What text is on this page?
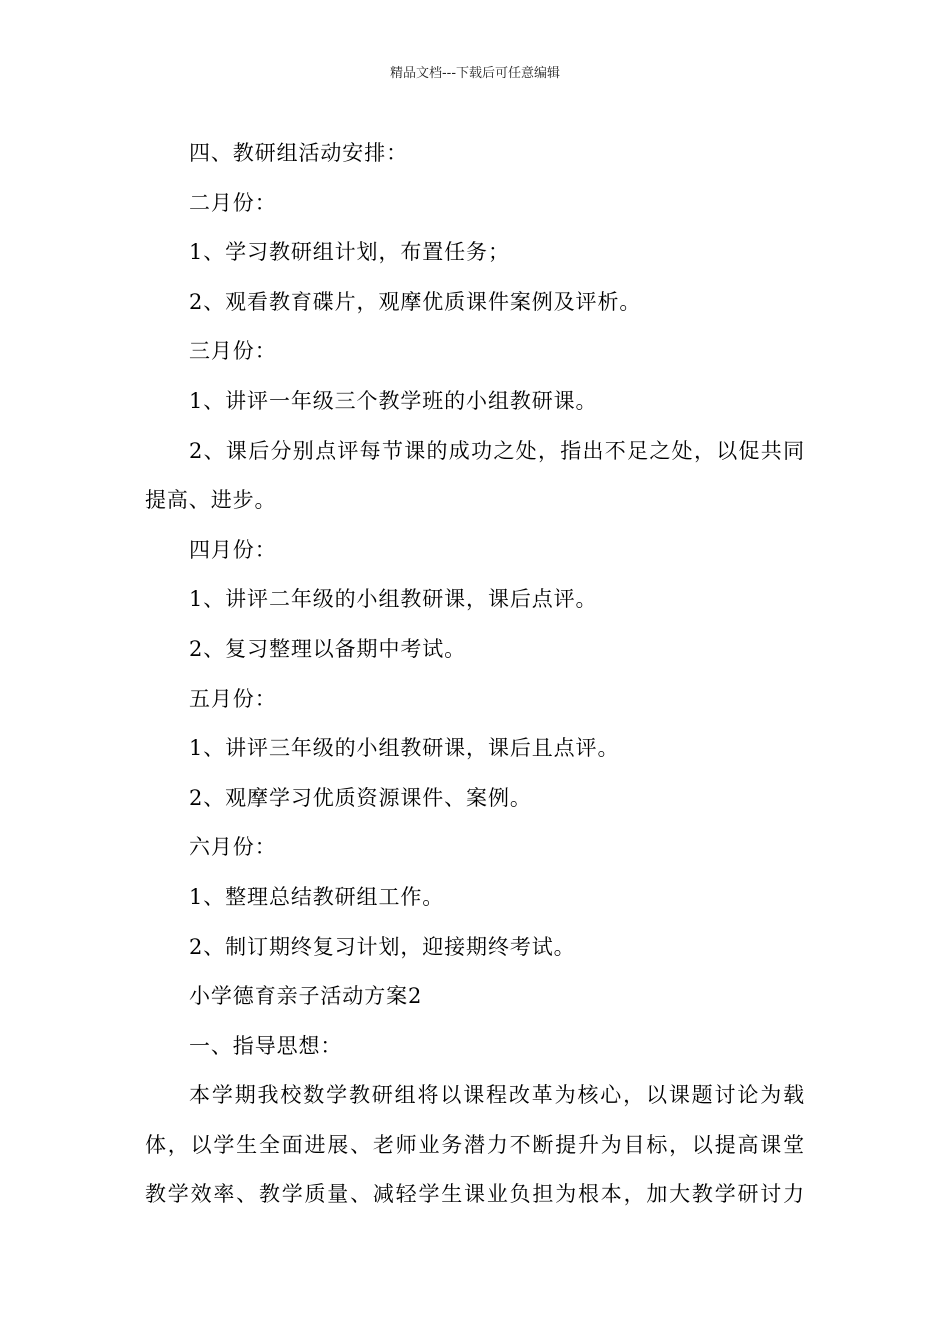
精品文档---下载后可任意编辑

四、教研组活动安排：

二月份：

1、学习教研组计划，布置任务；

2、观看教育碟片，观摩优质课件案例及评析。

三月份：

1、讲评一年级三个教学班的小组教研课。

2、课后分别点评每节课的成功之处，指出不足之处，以促共同

提高、进步。

四月份：

1、讲评二年级的小组教研课，课后点评。

2、复习整理以备期中考试。

五月份：

1、讲评三年级的小组教研课，课后且点评。

2、观摩学习优质资源课件、案例。

六月份：

1、整理总结教研组工作。

2、制订期终复习计划，迎接期终考试。

小学德育亲子活动方案2

一、指导思想：

本学期我校数学教研组将以课程改革为核心，以课题讨论为载

体，以学生全面进展、老师业务潜力不断提升为目标，以提高课堂

教学效率、教学质量、减轻学生课业负担为根本，加大教学研讨力
